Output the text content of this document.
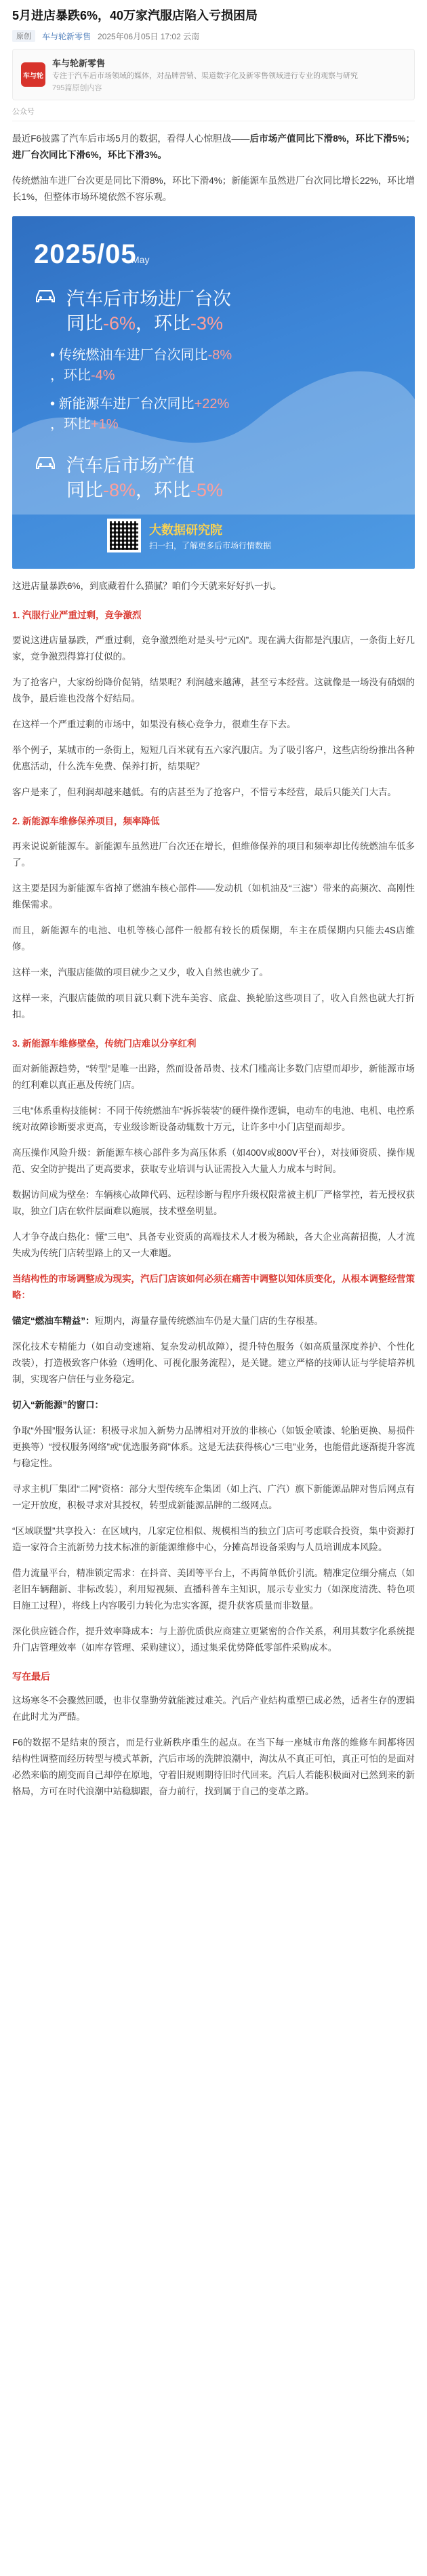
5月进店暴跌6%，40万家汽服店陷入亏损困局
原创	车与轮新零售 2025年06月05日 17:02 云南
车与轮
车与轮新零售
专注于汽车后市场领域的媒体，对品牌营销、渠道数字化及新零售领域进行专业的观察与研究
795篇原创内容
公众号

最近F6披露了汽车后市场5月的数据，看得人心惊胆战——后市场产值同比下滑8%，环比下滑5%；进厂台次同比下滑6%，环比下滑3%。

传统燃油车进厂台次更是同比下滑8%，环比下滑4%；新能源车虽然进厂台次同比增长22%，环比增长1%，但整体市场环境依然不容乐观。

2025/05
May
汽车后市场进厂台次
同比-6%，环比-3%
• 传统燃油车进厂台次同比-8%
，环比-4%
• 新能源车进厂台次同比+22%
，环比+1%
汽车后市场产值
同比-8%，环比-5%
大数据研究院
扫一扫，了解更多后市场行情数据

这进店量暴跌6%，到底藏着什么猫腻？咱们今天就来好好扒一扒。

1. 汽服行业严重过剩，竞争激烈

要说这进店量暴跌，严重过剩，竞争激烈绝对是头号“元凶”。现在满大街都是汽服店，一条街上好几家，竞争激烈得算打仗似的。

为了抢客户，大家纷纷降价促销，结果呢？利润越来越薄，甚至亏本经营。这就像是一场没有硝烟的战争，最后谁也没落个好结局。

在这样一个严重过剩的市场中，如果没有核心竞争力，很难生存下去。

举个例子，某城市的一条街上，短短几百米就有五六家汽服店。为了吸引客户，这些店纷纷推出各种优惠活动，什么洗车免费、保养打折，结果呢？

客户是来了，但利润却越来越低。有的店甚至为了抢客户，不惜亏本经营，最后只能关门大吉。

2. 新能源车维修保养项目，频率降低

再来说说新能源车。新能源车虽然进厂台次还在增长，但维修保养的项目和频率却比传统燃油车低多了。

这主要是因为新能源车省掉了燃油车核心部件——发动机（如机油及“三滤”）带来的高频次、高刚性维保需求。

而且，新能源车的电池、电机等核心部件一般都有较长的质保期，车主在质保期内只能去4S店维修。

这样一来，汽服店能做的项目就少之又少，收入自然也就少了。

这样一来，汽服店能做的项目就只剩下洗车美容、底盘、换轮胎这些项目了，收入自然也就大打折扣。

3. 新能源车维修壁垒，传统门店难以分享红利

面对新能源趋势，“转型”是唯一出路，然而设备昂贵、技术门槛高让多数门店望而却步，新能源市场的红利难以真正惠及传统门店。

三电“体系重构技能树：不同于传统燃油车“拆拆装装”的硬件操作逻辑，电动车的电池、电机、电控系统对故障诊断要求更高，专业级诊断设备动辄数十万元，让许多中小门店望而却步。

高压操作风险升级：新能源车核心部件多为高压体系（如400V或800V平台），对技师资质、操作规范、安全防护提出了更高要求，获取专业培训与认证需投入大量人力成本与时间。

数据访问成为壁垒：车辆核心故障代码、远程诊断与程序升级权限常被主机厂严格掌控，若无授权获取，独立门店在软件层面难以施展，技术壁垒明显。

人才争夺战白热化：懂“三电”、具备专业资质的高端技术人才极为稀缺，各大企业高薪招揽，人才流失成为传统门店转型路上的又一大难题。

当结构性的市场调整成为现实，汽后门店该如何必须在痛苦中调整以知体质变化，从根本调整经营策略：

锚定“燃油车精益”：短期内，海量存量传统燃油车仍是大量门店的生存根基。

深化技术专精能力（如自动变速箱、复杂发动机故障），提升特色服务（如高质量深度养护、个性化改装），打造极致客户体验（透明化、可视化服务流程），是关键。建立严格的技师认证与学徒培养机制，实现客户信任与业务稳定。

切入“新能源”的窗口：

争取“外围”服务认证：积极寻求加入新势力品牌相对开放的非核心（如钣金喷漆、轮胎更换、易损件更换等）“授权服务网络”或“优选服务商”体系。这是无法获得核心“三电”业务，也能借此逐渐提升客流与稳定性。

寻求主机厂集团“二网”资格：部分大型传统车企集团（如上汽、广汽）旗下新能源品牌对售后网点有一定开放度，积极寻求对其授权，转型成新能源品牌的二级网点。

“区域联盟”共享投入：在区域内，几家定位相似、规模相当的独立门店可考虑联合投资，集中资源打造一家符合主流新势力技术标准的新能源维修中心，分摊高昂设备采购与人员培训成本风险。

借力流量平台，精准锁定需求：在抖音、美团等平台上，不再简单低价引流。精准定位细分痛点（如老旧车辆翻新、非标改装），利用短视频、直播科普车主知识，展示专业实力（如深度清洗、特色项目施工过程），将线上内容吸引力转化为忠实客源，提升获客质量而非数量。

深化供应链合作，提升效率降成本：与上游优质供应商建立更紧密的合作关系，利用其数字化系统提升门店管理效率（如库存管理、采购建议），通过集采优势降低零部件采购成本。

写在最后

这场寒冬不会骤然回暖，也非仅靠勤劳就能渡过难关。汽后产业结构重塑已成必然，适者生存的逻辑在此时尤为严酷。

F6的数据不是结束的预言，而是行业新秩序重生的起点。在当下每一座城市角落的维修车间都将因结构性调整而经历转型与模式革新，汽后市场的洗牌浪潮中，淘汰从不真正可怕，真正可怕的是面对必然来临的剧变而自己却停在原地，守着旧规则期待旧时代回来。汽后人若能积极面对已然到来的新格局，方可在时代浪潮中站稳脚跟，奋力前行，找到属于自己的变革之路。
